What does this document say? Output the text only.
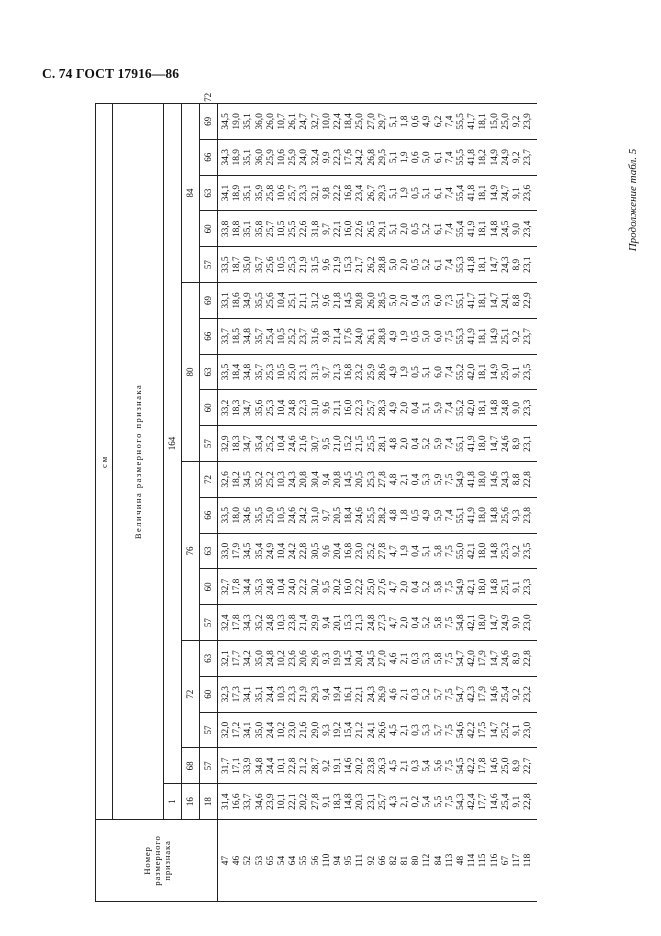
С. 74 ГОСТ 17916—86
Продолжение табл. 5
Номер размерного признака	см																				
	Величина размерного признака																				
	1	164																			
	16	68	72			76					80					84					
	18	57	57	60	63	57	60	63	66	72	57	60	63	66	69	57	60	63	66	69	72
47	31,4	31,7	32,0	32,3	32,1	32,4	32,7	33,0	33,5	32,6	32,9	33,2	33,5	33,7	33,1	33,5	33,8	34,1	34,3	34,5	
46	16,6	17,1	17,2	17,3	17,7	17,8	17,8	17,9	18,0	18,2	18,3	18,3	18,4	18,5	18,6	18,7	18,8	18,9	18,9	19,0	
52	33,7	33,9	34,1	34,1	34,2	34,3	34,4	34,5	34,6	34,5	34,7	34,7	34,8	34,8	34,9	35,0	35,1	35,1	35,1	35,1	
53	34,6	34,8	35,0	35,1	35,0	35,2	35,3	35,4	35,5	35,2	35,4	35,6	35,7	35,7	35,5	35,7	35,8	35,9	36,0	36,0	
65	23,9	24,4	24,4	24,4	24,8	24,8	24,8	24,9	25,0	25,2	25,2	25,3	25,3	25,4	25,6	25,6	25,7	25,8	25,9	26,0	
54	10,1	10,1	10,2	10,3	10,2	10,3	10,4	10,4	10,5	10,3	10,4	10,4	10,5	10,5	10,4	10,5	10,5	10,6	10,6	10,7	
64	22,1	22,8	23,0	23,3	23,6	23,8	24,0	24,2	24,6	24,3	24,6	24,8	25,0	25,2	25,1	25,3	25,5	25,7	25,9	26,1	
55	20,2	21,2	21,6	21,9	20,6	21,4	22,2	22,8	24,2	20,8	21,6	22,3	23,1	23,7	21,1	21,9	22,6	23,3	24,0	24,7	
56	27,8	28,7	29,0	29,3	29,6	29,9	30,2	30,5	31,0	30,4	30,7	31,0	31,3	31,6	31,2	31,5	31,8	32,1	32,4	32,7	
110	9,1	9,2	9,3	9,4	9,3	9,4	9,5	9,6	9,7	9,4	9,5	9,6	9,7	9,8	9,6	9,6	9,7	9,8	9,9	10,0	
94	18,3	19,1	19,2	19,4	19,9	20,1	20,2	20,4	20,5	20,8	21,0	21,1	21,3	21,4	21,8	21,9	22,1	22,2	22,3	22,4	
95	14,8	14,6	15,4	16,1	14,5	15,3	16,0	16,8	18,4	14,5	15,2	16,0	16,8	17,6	14,5	15,3	16,0	16,8	17,6	18,4	
111	20,3	20,2	21,2	22,1	20,4	21,3	22,2	23,0	24,6	20,5	21,5	22,3	23,2	24,0	20,8	21,7	22,6	23,4	24,2	25,0	
92	23,1	23,8	24,1	24,3	24,5	24,8	25,0	25,2	25,5	25,3	25,5	25,7	25,9	26,1	26,0	26,2	26,5	26,7	26,8	27,0	
66	25,7	26,3	26,6	26,9	27,0	27,3	27,6	27,8	28,2	27,8	28,1	28,3	28,6	28,8	28,5	28,8	29,1	29,3	29,5	29,7	
82	4,3	4,5	4,5	4,6	4,6	4,7	4,7	4,7	4,8	4,8	4,8	4,9	4,9	4,9	5,0	5,0	5,1	5,1	5,1	5,1	
81	2,1	2,1	2,1	2,1	2,1	2,0	2,0	1,9	1,8	2,1	2,0	2,0	1,9	1,9	2,0	2,0	2,0	1,9	1,9	1,8	
80	0,2	0,3	0,3	0,3	0,3	0,4	0,4	0,4	0,5	0,4	0,4	0,4	0,5	0,5	0,4	0,5	0,5	0,5	0,6	0,6	
112	5,4	5,4	5,3	5,2	5,3	5,2	5,2	5,1	4,9	5,3	5,2	5,1	5,1	5,0	5,3	5,2	5,2	5,1	5,0	4,9	
84	5,5	5,6	5,7	5,7	5,8	5,8	5,8	5,8	5,9	5,9	5,9	5,9	6,0	6,0	6,0	6,1	6,1	6,1	6,1	6,2	
113	7,5	7,5	7,5	7,5	7,5	7,5	7,5	7,5	7,4	7,5	7,4	7,4	7,4	7,5	7,3	7,4	7,4	7,4	7,4	7,4	
48	54,3	54,5	54,6	54,7	54,7	54,8	54,9	55,0	55,1	54,9	55,1	55,2	55,2	55,3	55,1	55,3	55,4	55,4	55,5	55,5	
114	42,4	42,2	42,2	42,3	42,0	42,1	42,1	42,1	41,9	41,8	41,9	42,0	42,0	41,9	41,7	41,8	41,9	41,8	41,8	41,7	
115	17,7	17,8	17,5	17,9	17,9	18,0	18,0	18,0	18,0	18,0	18,0	18,1	18,1	18,1	18,1	18,1	18,1	18,1	18,2	18,1	
116	14,6	14,6	14,7	14,6	14,7	14,7	14,8	14,8	14,8	14,6	14,7	14,8	14,9	14,9	14,7	14,7	14,8	14,9	14,9	15,0	
67	25,4	25,0	25,2	25,4	24,6	24,9	25,1	25,3	25,6	24,3	24,6	24,8	25,0	25,1	24,1	24,3	24,5	24,7	24,9	25,0	
117	9,1	8,9	9,1	9,2	8,9	9,0	9,1	9,2	9,3	8,8	8,9	9,0	9,1	9,2	8,8	8,9	9,0	9,1	9,2	9,2	
118	22,8	22,7	23,0	23,2	22,8	23,0	23,3	23,5	23,8	22,8	23,1	23,3	23,5	23,7	22,9	23,1	23,4	23,6	23,7	23,9	
